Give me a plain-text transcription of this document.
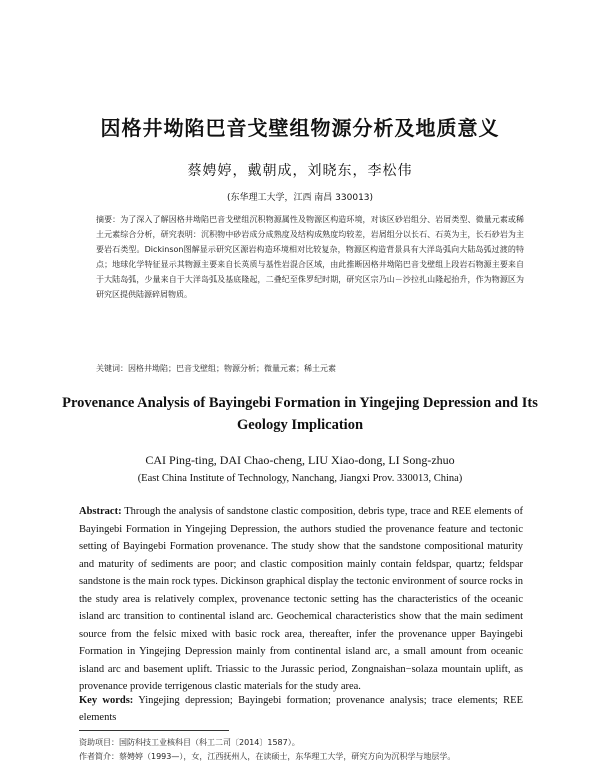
因格井坳陷巴音戈壁组物源分析及地质意义
蔡娉婷，戴朝成，刘晓东，李松伟
(东华理工大学，江西 南昌 330013)
摘要：为了深入了解因格井坳陷巴音戈壁组沉积物源属性及物源区构造环境，对该区砂岩组分、岩屑类型、微量元素或稀土元素综合分析，研究表明：沉积物中砂岩成分成熟度及结构成熟度均较差，岩屑组分以长石、石英为主，长石砂岩为主要岩石类型。Dickinson图解显示研究区源岩构造环境相对比较复杂，物源区构造背景具有大洋岛弧向大陆岛弧过渡的特点；地球化学特征显示其物源主要来自长英质与基性岩混合区域，由此推断因格井坳陷巴音戈壁组上段岩石物源主要来自于大陆岛弧，少量来自于大洋岛弧及基底隆起，二叠纪至侏罗纪时期，研究区宗乃山－沙拉扎山隆起抬升，作为物源区为研究区提供陆源碎屑物质。
关键词：因格井坳陷；巴音戈壁组；物源分析；微量元素；稀土元素
Provenance Analysis of Bayingebi Formation in Yingejing Depression and Its Geology Implication
CAI Ping-ting, DAI Chao-cheng, LIU Xiao-dong, LI Song-zhuo
(East China Institute of Technology, Nanchang, Jiangxi Prov. 330013, China)
Abstract: Through the analysis of sandstone clastic composition, debris type, trace and REE elements of Bayingebi Formation in Yingejing Depression, the authors studied the provenance feature and tectonic setting of Bayingebi Formation provenance. The study show that the sandstone compositional maturity and maturity of sediments are poor; and clastic composition mainly contain feldspar, quartz; feldspar sandstone is the main rock types. Dickinson graphical display the tectonic environment of source rocks in the study area is relatively complex, provenance tectonic setting has the characteristics of the oceanic island arc transition to continental island arc. Geochemical characteristics show that the main sediment source from the felsic mixed with basic rock area, thereafter, infer the provenance upper Bayingebi Formation in Yingejing Depression mainly from continental island arc, a small amount from oceanic island arc and basement uplift. Triassic to the Jurassic period, Zongnaishan−solaza mountain uplift, as provenance provide terrigenous clastic materials for the study area.
Key words: Yingejing depression; Bayingebi formation; provenance analysis; trace elements; REE elements
资助项目：国防科技工业核科目（科工二司〔2014〕1587）。
作者简介：蔡娉婷（1993—），女，江西抚州人，在读硕士，东华理工大学，研究方向为沉积学与地层学。
